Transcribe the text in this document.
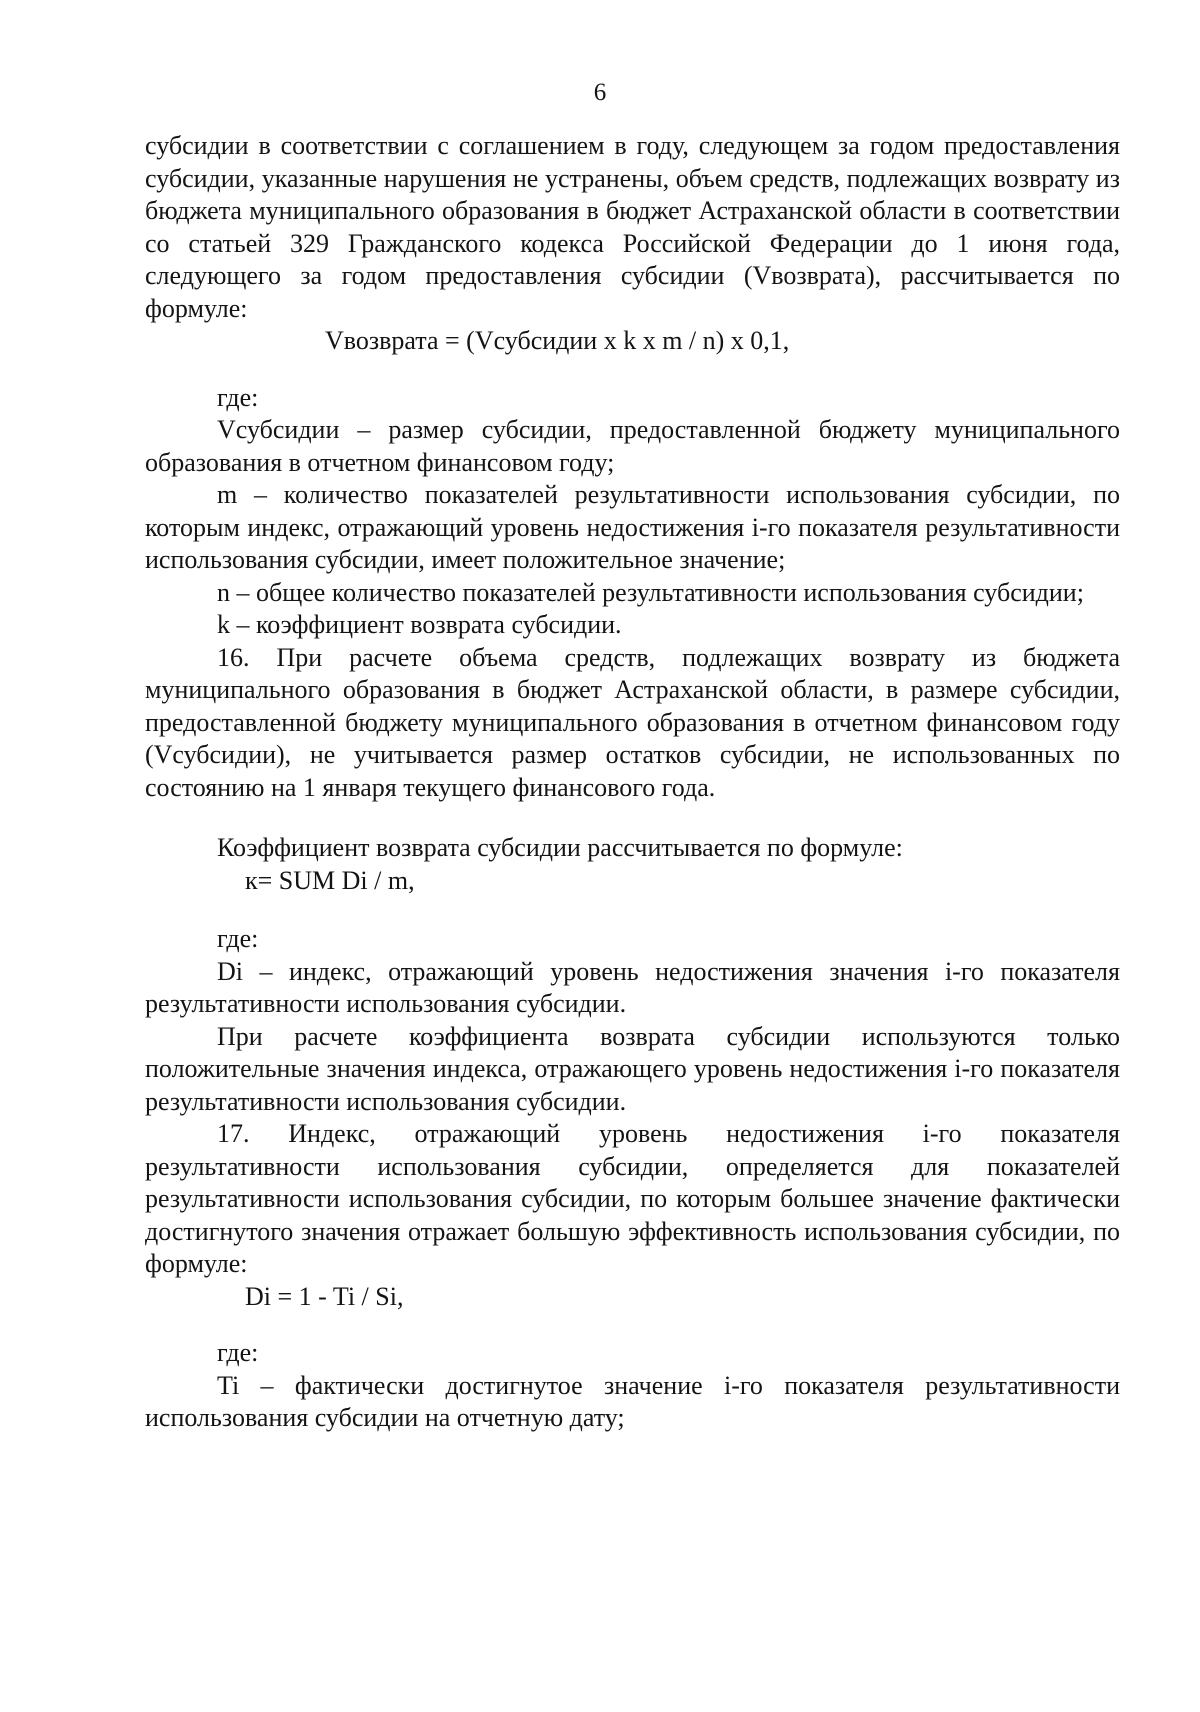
6

субсидии в соответствии с соглашением в году, следующем за годом предоставления субсидии, указанные нарушения не устранены, объем средств, подлежащих возврату из бюджета муниципального образования в бюджет Астраханской области в соответствии со статьей 329 Гражданского кодекса Российской Федерации до 1 июня года, следующего за годом предоставления субсидии (Vвозврата), рассчитывается по формуле:

Vвозврата = (Vсубсидии x k x m / n) x 0,1,

где:

Vсубсидии – размер субсидии, предоставленной бюджету муниципального образования в отчетном финансовом году;

m – количество показателей результативности использования субсидии, по которым индекс, отражающий уровень недостижения i-го показателя результативности использования субсидии, имеет положительное значение;

n – общее количество показателей результативности использования субсидии;

k – коэффициент возврата субсидии.

16. При расчете объема средств, подлежащих возврату из бюджета муниципального образования в бюджет Астраханской области, в размере субсидии, предоставленной бюджету муниципального образования в отчетном финансовом году (Vсубсидии), не учитывается размер остатков субсидии, не использованных по состоянию на 1 января текущего финансового года.

Коэффициент возврата субсидии рассчитывается по формуле:

к= SUM Di / m,

где:

Di – индекс, отражающий уровень недостижения значения i-го показателя результативности использования субсидии.

При расчете коэффициента возврата субсидии используются только положительные значения индекса, отражающего уровень недостижения i-го показателя результативности использования субсидии.

17. Индекс, отражающий уровень недостижения i-го показателя результативности использования субсидии, определяется для показателей результативности использования субсидии, по которым большее значение фактически достигнутого значения отражает большую эффективность использования субсидии, по формуле:

Di = 1 - Ti / Si,

где:

Ti – фактически достигнутое значение i-го показателя результативности использования субсидии на отчетную дату;
